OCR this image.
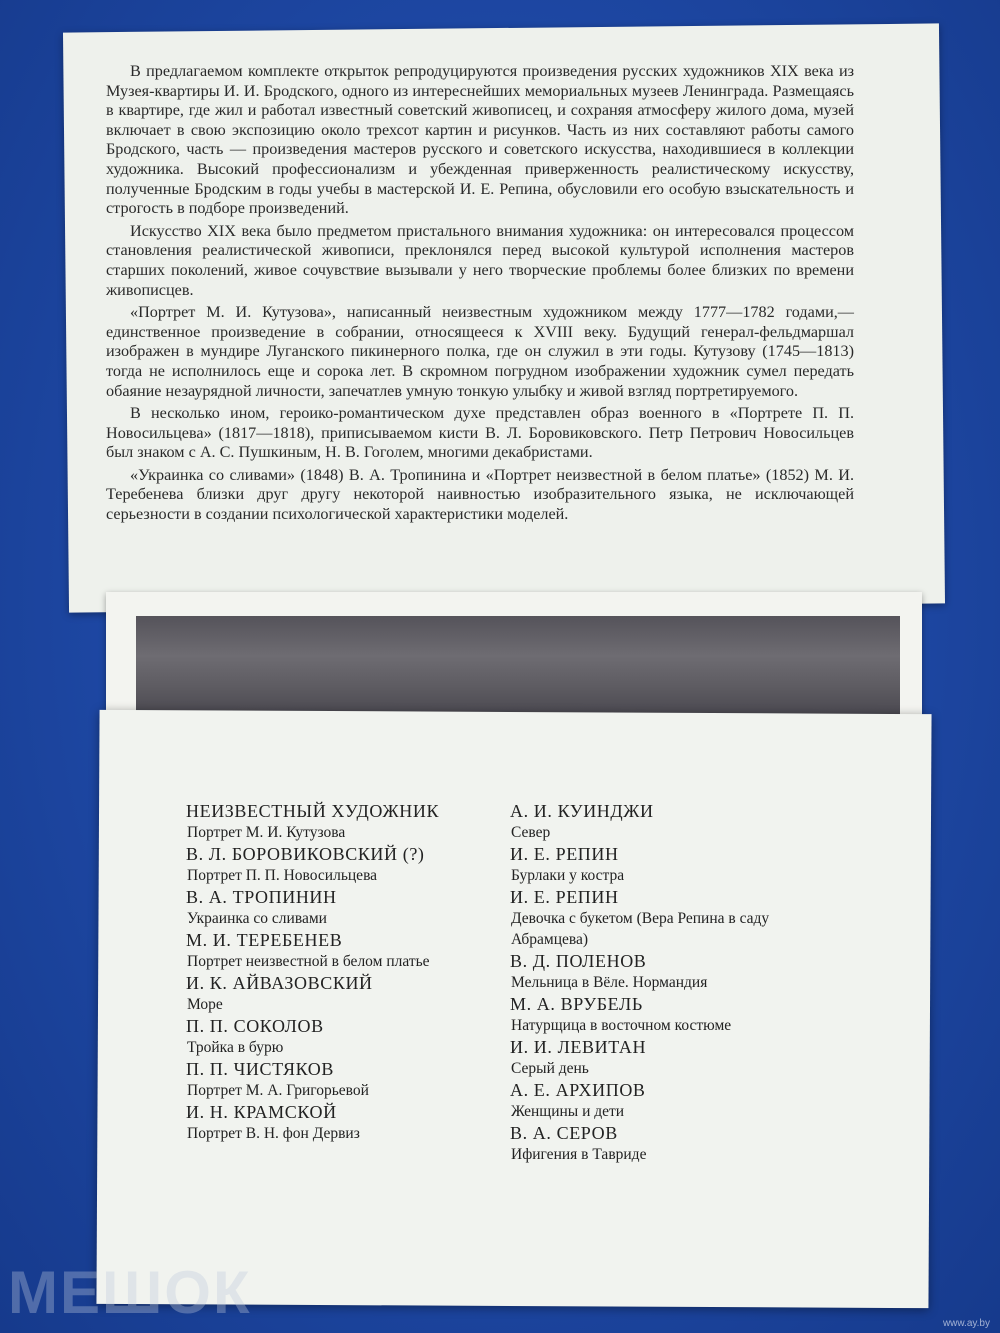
В предлагаемом комплекте открыток репродуцируются произведения русских художников XIX века из Музея-квартиры И. И. Бродского, одного из интереснейших мемориальных музеев Ленинграда. Размещаясь в квартире, где жил и работал известный советский живописец, и сохраняя атмосферу жилого дома, музей включает в свою экспозицию около трехсот картин и рисунков. Часть из них составляют работы самого Бродского, часть — произведения мастеров русского и советского искусства, находившиеся в коллекции художника. Высокий профессионализм и убежденная приверженность реалистическому искусству, полученные Бродским в годы учебы в мастерской И. Е. Репина, обусловили его особую взыскательность и строгость в подборе произведений.

Искусство XIX века было предметом пристального внимания художника: он интересовался процессом становления реалистической живописи, преклонялся перед высокой культурой исполнения мастеров старших поколений, живое сочувствие вызывали у него творческие проблемы более близких по времени живописцев.

«Портрет М. И. Кутузова», написанный неизвестным художником между 1777—1782 годами,— единственное произведение в собрании, относящееся к XVIII веку. Будущий генерал-фельдмаршал изображен в мундире Луганского пикинерного полка, где он служил в эти годы. Кутузову (1745—1813) тогда не исполнилось еще и сорока лет. В скромном погрудном изображении художник сумел передать обаяние незаурядной личности, запечатлев умную тонкую улыбку и живой взгляд портретируемого.

В несколько ином, героико-романтическом духе представлен образ военного в «Портрете П. П. Новосильцева» (1817—1818), приписываемом кисти В. Л. Боровиковского. Петр Петрович Новосильцев был знаком с А. С. Пушкиным, Н. В. Гоголем, многими декабристами.

«Украинка со сливами» (1848) В. А. Тропинина и «Портрет неизвестной в белом платье» (1852) М. И. Теребенева близки друг другу некоторой наивностью изобразительного языка, не исключающей серьезности в создании психологической характеристики моделей.

НЕИЗВЕСТНЫЙ ХУДОЖНИК
Портрет М. И. Кутузова
В. Л. БОРОВИКОВСКИЙ (?)
Портрет П. П. Новосильцева
В. А. ТРОПИНИН
Украинка со сливами
М. И. ТЕРЕБЕНЕВ
Портрет неизвестной в белом платье
И. К. АЙВАЗОВСКИЙ
Море
П. П. СОКОЛОВ
Тройка в бурю
П. П. ЧИСТЯКОВ
Портрет М. А. Григорьевой
И. Н. КРАМСКОЙ
Портрет В. Н. фон Дервиз
А. И. КУИНДЖИ
Север
И. Е. РЕПИН
Бурлаки у костра
И. Е. РЕПИН
Девочка с букетом (Вера Репина в саду Абрамцева)
В. Д. ПОЛЕНОВ
Мельница в Вёле. Нормандия
М. А. ВРУБЕЛЬ
Натурщица в восточном костюме
И. И. ЛЕВИТАН
Серый день
А. Е. АРХИПОВ
Женщины и дети
В. А. СЕРОВ
Ифигения в Тавриде
МЕШОК	www.ay.by
